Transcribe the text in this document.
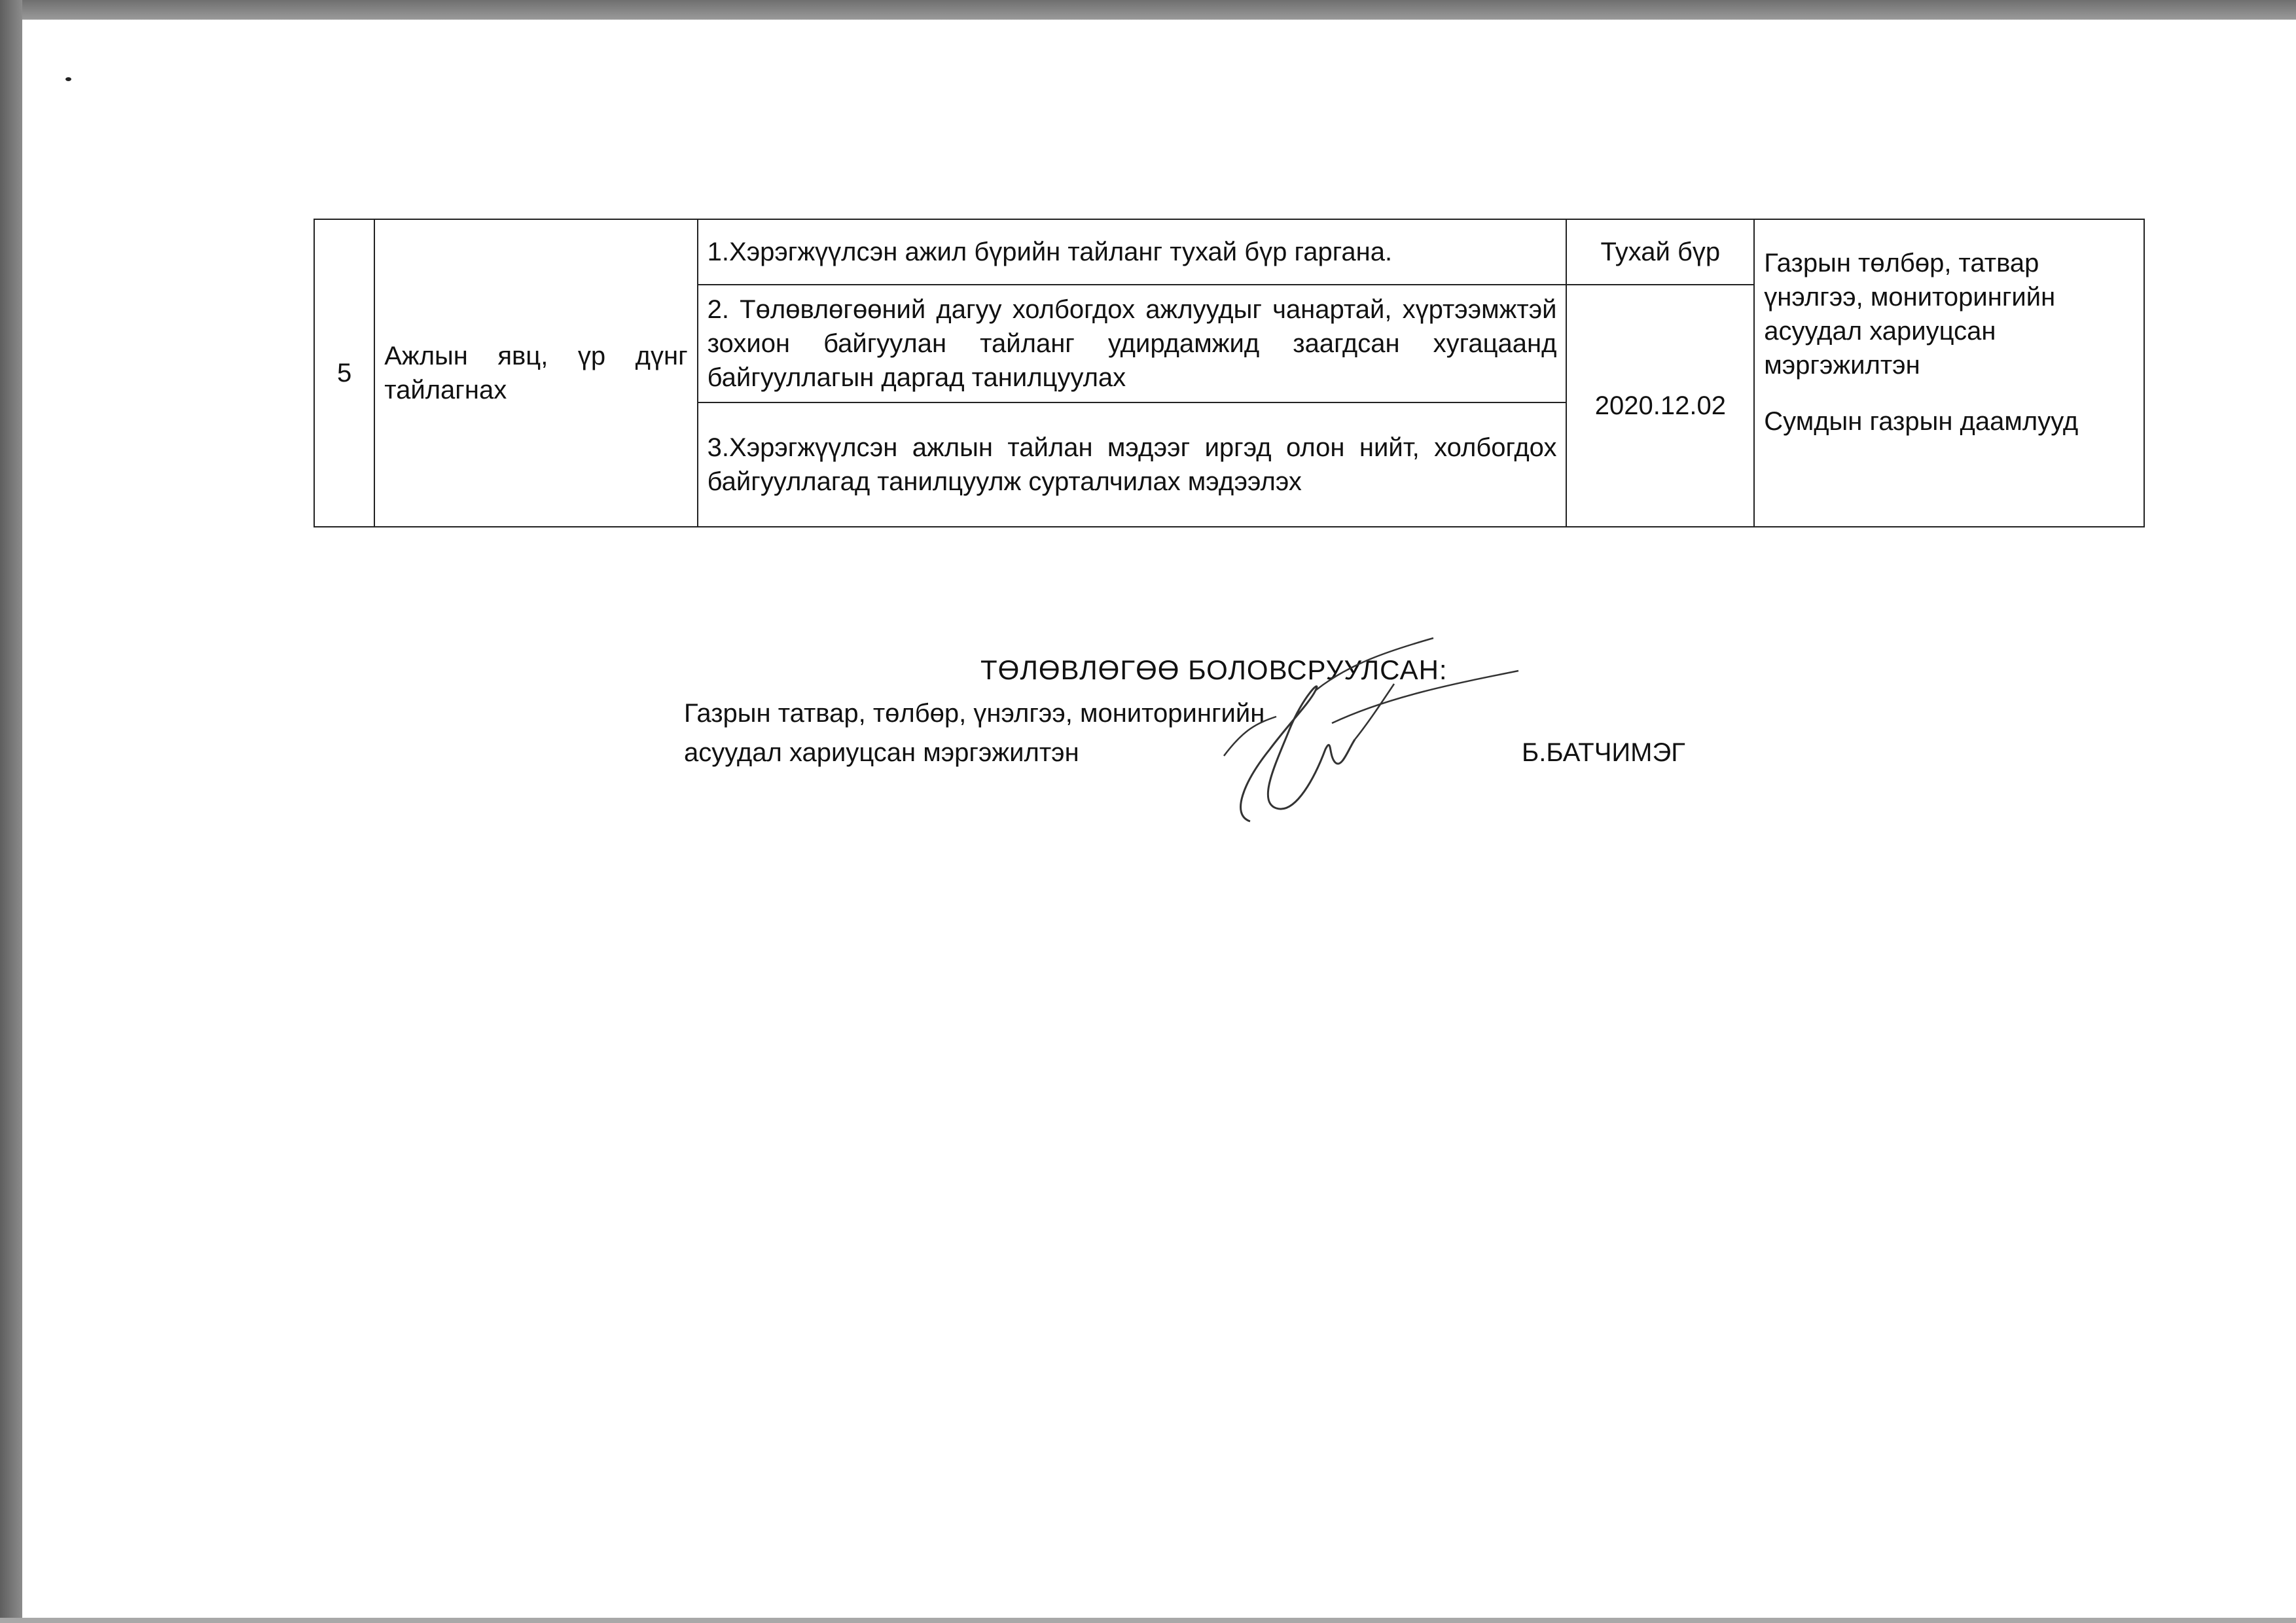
5	Ажлын явц, үр дүнг тайлагнах	1.Хэрэгжүүлсэн ажил бүрийн тайланг тухай бүр гаргана.	Тухай бүр	Газрын төлбөр, татвар
үнэлгээ, мониторингийн
асуудал хариуцсан
мэргэжилтэн
Сумдын газрын даамлууд

		2. Төлөвлөгөөний дагуу холбогдох ажлуудыг чанартай, хүртээмжтэй зохион байгуулан тайланг удирдамжид заагдсан хугацаанд байгууллагын даргад танилцуулах	2020.12.02	
		3.Хэрэгжүүлсэн ажлын тайлан мэдээг иргэд олон нийт, холбогдох байгууллагад танилцуулж сурталчилах мэдээлэх		
ТӨЛӨВЛӨГӨӨ БОЛОВСРУУЛСАН:
Газрын татвар, төлбөр, үнэлгээ, мониторингийн
асуудал хариуцсан мэргэжилтэн	Б.БАТЧИМЭГ
